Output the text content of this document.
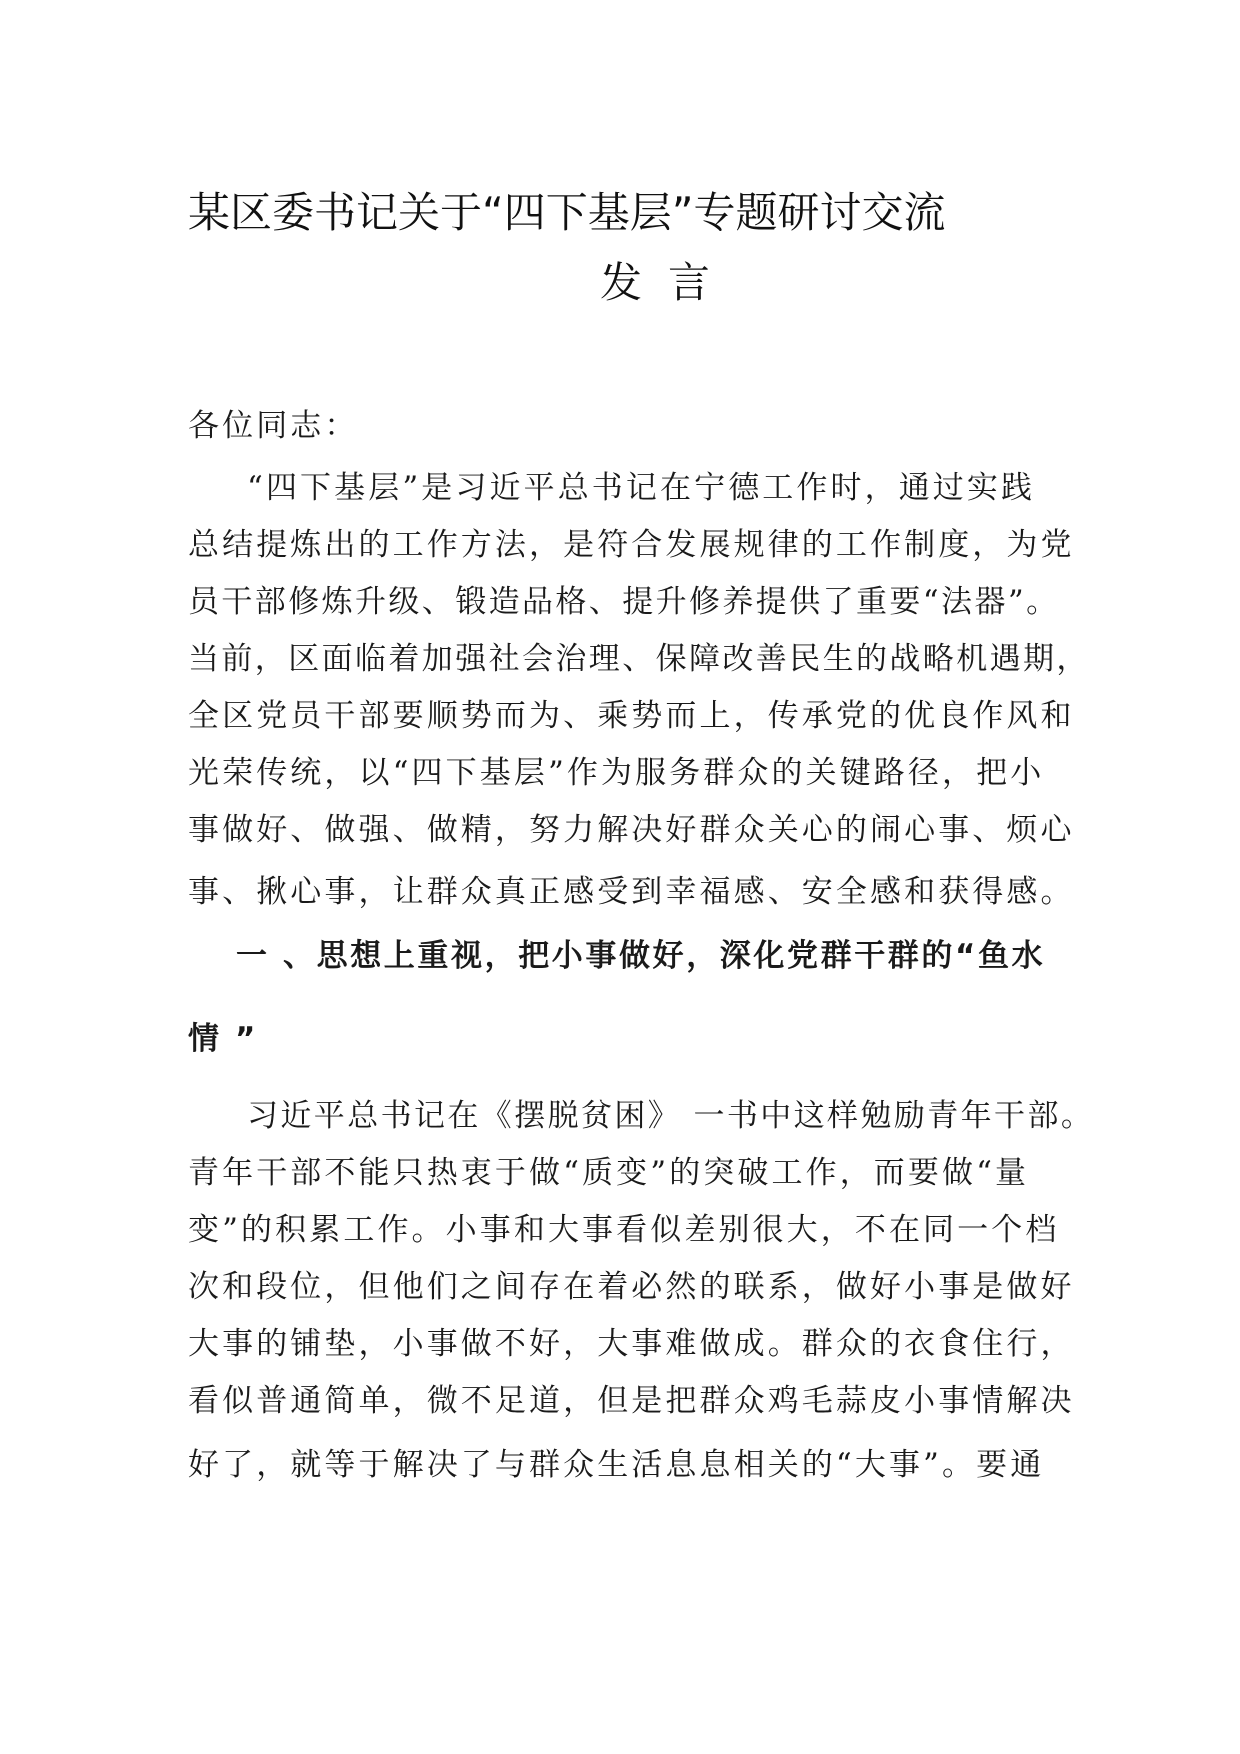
某区委书记关于“四下基层”专题研讨交流
发言
各位同志：
“四下基层”是习近平总书记在宁德工作时，通过实践
总结提炼出的工作方法，是符合发展规律的工作制度，为党
员干部修炼升级、锻造品格、提升修养提供了重要“法器”。
当前，区面临着加强社会治理、保障改善民生的战略机遇期，
全区党员干部要顺势而为、乘势而上，传承党的优良作风和
光荣传统，以“四下基层”作为服务群众的关键路径，把小
事做好、做强、做精，努力解决好群众关心的闹心事、烦心
事、揪心事，让群众真正感受到幸福感、安全感和获得感。
一 、思想上重视，把小事做好，深化党群干群的“鱼水
情 ”
习近平总书记在《摆脱贫困》 一书中这样勉励青年干部。
青年干部不能只热衷于做“质变”的突破工作，而要做“量
变”的积累工作。小事和大事看似差别很大，不在同一个档
次和段位，但他们之间存在着必然的联系，做好小事是做好
大事的铺垫，小事做不好，大事难做成。群众的衣食住行，
看似普通简单，微不足道，但是把群众鸡毛蒜皮小事情解决
好了，就等于解决了与群众生活息息相关的“大事”。要通
